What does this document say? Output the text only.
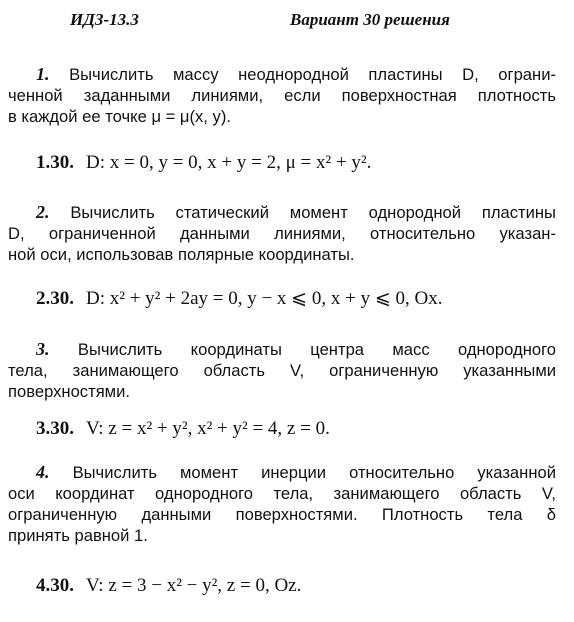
ИДЗ-13.3	Вариант 30 решения
1. Вычислить массу неоднородной пластины D, ограни-
ченной заданными линиями, если поверхностная плотность
в каждой ее точке μ = μ(x, y).
1.30. D: x = 0, y = 0, x + y = 2, μ = x² + y².
2. Вычислить статический момент однородной пластины
D, ограниченной данными линиями, относительно указан-
ной оси, использовав полярные координаты.
2.30. D: x² + y² + 2ay = 0, y − x ⩽ 0, x + y ⩽ 0, Ox.
3. Вычислить координаты центра масс однородного
тела, занимающего область V, ограниченную указанными
поверхностями.
3.30. V: z = x² + y², x² + y² = 4, z = 0.
4. Вычислить момент инерции относительно указанной
оси координат однородного тела, занимающего область V,
ограниченную данными поверхностями. Плотность тела δ
принять равной 1.
4.30. V: z = 3 − x² − y², z = 0, Oz.
